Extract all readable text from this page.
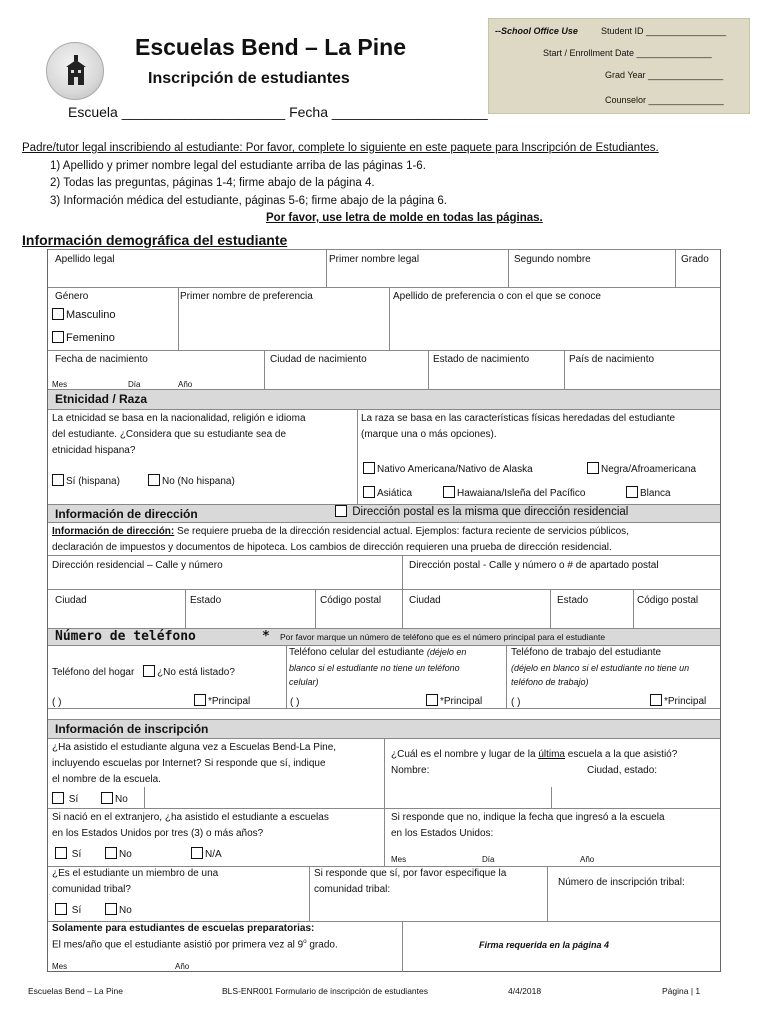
Escuelas Bend – La Pine
Inscripción de estudiantes
Escuela _____________________ Fecha ____________________
--School Office Use	Student ID ________________
Start / Enrollment Date _______________
Grad Year _______________
Counselor _______________
Padre/tutor legal inscribiendo al estudiante: Por favor, complete lo siguiente en este paquete para Inscripción de Estudiantes.
1) Apellido y primer nombre legal del estudiante arriba de las páginas 1-6.
2) Todas las preguntas, páginas 1-4; firme abajo de la página 4.
3) Información médica del estudiante, páginas 5-6; firme abajo de la página 6.
Por favor, use letra de molde en todas las páginas.
Información demográfica del estudiante
Apellido legal	Primer nombre legal	Segundo nombre	Grado
Género	Primer nombre de preferencia	Apellido de preferencia o con el que se conoce
Masculino
Femenino
Fecha de nacimiento	Ciudad de nacimiento	Estado de nacimiento	País de nacimiento
Mes	Día	Año
Etnicidad / Raza
La etnicidad se basa en la nacionalidad, religión e idioma
del estudiante. ¿Considera que su estudiante sea de
etnicidad hispana?
La raza se basa en las características físicas heredadas del estudiante
(marque una o más opciones).
Sí (hispana)	No (No hispana)
Nativo Americana/Nativo de Alaska	Negra/Afroamericana
Asiática	Hawaiana/Isleña del Pacífico	Blanca
Información de dirección	Dirección postal es la misma que dirección residencial
Información de dirección: Se requiere prueba de la dirección residencial actual. Ejemplos: factura reciente de servicios públicos,
declaración de impuestos y documentos de hipoteca. Los cambios de dirección requieren una prueba de dirección residencial.
Dirección residencial – Calle y número	Dirección postal - Calle y número o # de apartado postal
Ciudad	Estado	Código postal	Ciudad	Estado	Código postal
Número de teléfono	* Por favor marque un número de teléfono que es el número principal para el estudiante
Teléfono del hogar ¿No está listado?
Teléfono celular del estudiante (déjelo en
blanco si el estudiante no tiene un teléfono
celular)
Teléfono de trabajo del estudiante
(déjelo en blanco si el estudiante no tiene un
teléfono de trabajo)
( )	*Principal	( )	*Principal	( )	*Principal
Información de inscripción
¿Ha asistido el estudiante alguna vez a Escuelas Bend-La Pine,
incluyendo escuelas por Internet? Si responde que sí, indique
el nombre de la escuela.
¿Cuál es el nombre y lugar de la última escuela a la que asistió?
Nombre:	Ciudad, estado:
Sí	No
Si nació en el extranjero, ¿ha asistido el estudiante a escuelas
en los Estados Unidos por tres (3) o más años?
Si responde que no, indique la fecha que ingresó a la escuela
en los Estados Unidos:
Sí	No	N/A	Mes	Día	Año
¿Es el estudiante un miembro de una
comunidad tribal?
Si responde que sí, por favor especifique la
comunidad tribal:
Número de inscripción tribal:
Sí	No
Solamente para estudiantes de escuelas preparatorias:
El mes/año que el estudiante asistió por primera vez al 9$^o$ grado.
Mes	Año
Firma requerida en la página 4
Escuelas Bend – La Pine	BLS-ENR001 Formulario de inscripción de estudiantes	4/4/2018	Página | 1
